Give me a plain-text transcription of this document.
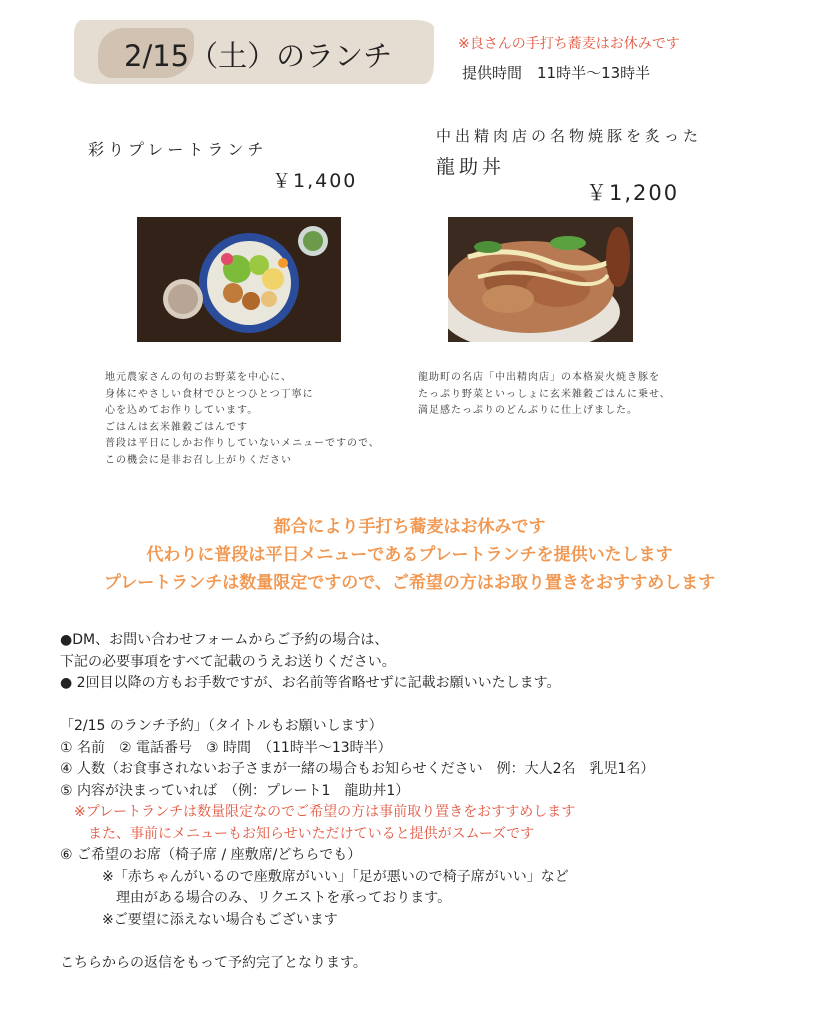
2/15（土）のランチ	※良さんの手打ち蕎麦はお休みです
提供時間　11時半〜13時半
彩りプレートランチ
￥1,400
地元農家さんの旬のお野菜を中心に、
身体にやさしい食材でひとつひとつ丁寧に
心を込めてお作りしています。
ごはんは玄米雑穀ごはんです
普段は平日にしかお作りしていないメニューですので、
この機会に是非お召し上がりください
中出精肉店の名物焼豚を炙った
龍助丼
￥1,200
龍助町の名店「中出精肉店」の本格炭火焼き豚を
たっぷり野菜といっしょに玄米雑穀ごはんに乗せ、
満足感たっぷりのどんぶりに仕上げました。
都合により手打ち蕎麦はお休みです
代わりに普段は平日メニューであるプレートランチを提供いたします
プレートランチは数量限定ですので、ご希望の方はお取り置きをおすすめします
●DM、お問い合わせフォームからご予約の場合は、
下記の必要事項をすべて記載のうえお送りください。
● 2回目以降の方もお手数ですが、お名前等省略せずに記載お願いいたします。
「2/15 のランチ予約」（タイトルもお願いします）
① 名前　② 電話番号　③ 時間　（11時半〜13時半）
④ 人数（お食事されないお子さまが一緒の場合もお知らせください　例：大人2名　乳児1名）
⑤ 内容が決まっていれば　（例：プレート1　龍助丼1）
　※プレートランチは数量限定なのでご希望の方は事前取り置きをおすすめします
　　また、事前にメニューもお知らせいただけていると提供がスムーズです
⑥ ご希望のお席（椅子席 / 座敷席/どちらでも）
　　　※「赤ちゃんがいるので座敷席がいい」「足が悪いので椅子席がいい」など
　　　　理由がある場合のみ、リクエストを承っております。
　　　※ご要望に添えない場合もございます
こちらからの返信をもって予約完了となります。
